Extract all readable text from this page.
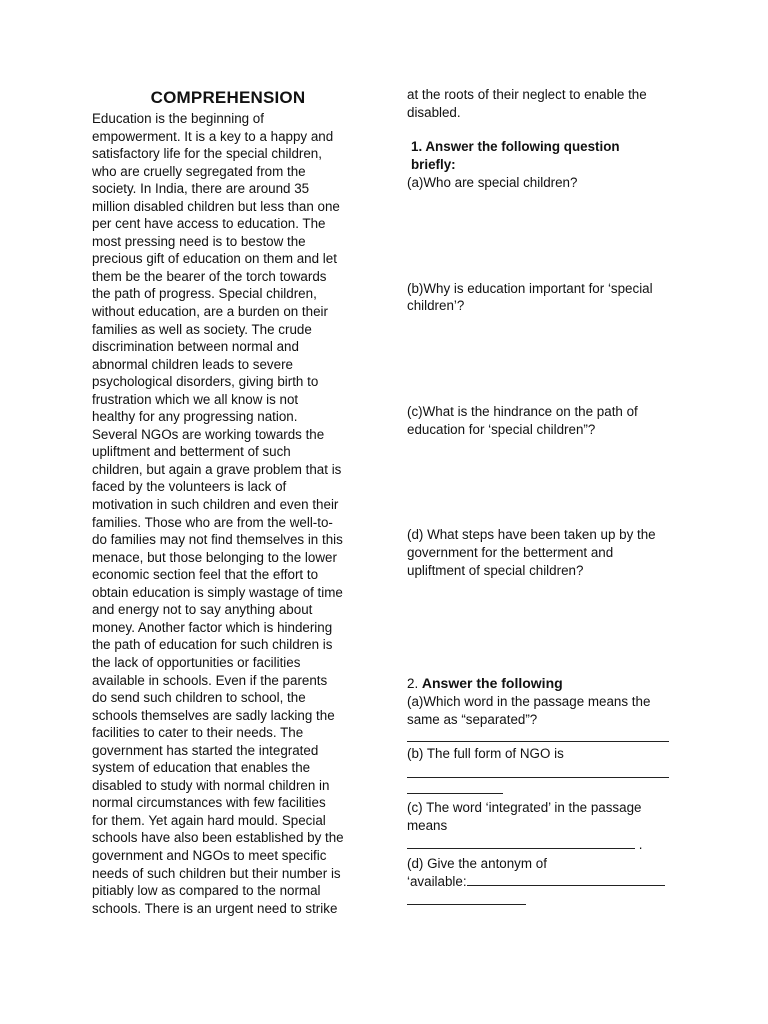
COMPREHENSION

Education is the beginning of
empowerment. It is a key to a happy and
satisfactory life for the special children,
who are cruelly segregated from the
society. In India, there are around 35
million disabled children but less than one
per cent have access to education. The
most pressing need is to bestow the
precious gift of education on them and let
them be the bearer of the torch towards
the path of progress. Special children,
without education, are a burden on their
families as well as society. The crude
discrimination between normal and
abnormal children leads to severe
psychological disorders, giving birth to
frustration which we all know is not
healthy for any progressing nation.
Several NGOs are working towards the
upliftment and betterment of such
children, but again a grave problem that is
faced by the volunteers is lack of
motivation in such children and even their
families. Those who are from the well-to-
do families may not find themselves in this
menace, but those belonging to the lower
economic section feel that the effort to
obtain education is simply wastage of time
and energy not to say anything about
money. Another factor which is hindering
the path of education for such children is
the lack of opportunities or facilities
available in schools. Even if the parents
do send such children to school, the
schools themselves are sadly lacking the
facilities to cater to their needs. The
government has started the integrated
system of education that enables the
disabled to study with normal children in
normal circumstances with few facilities
for them. Yet again hard mould. Special
schools have also been established by the
government and NGOs to meet specific
needs of such children but their number is
pitiably low as compared to the normal
schools. There is an urgent need to strike

at the roots of their neglect to enable the
disabled.

1. Answer the following question
briefly:

(a)Who are special children?

(b)Why is education important for ‘special
children’?

(c)What is the hindrance on the path of
education for ‘special children”?

(d) What steps have been taken up by the
government for the betterment and
upliftment of special children?

2. Answer the following

(a)Which word in the passage means the
same as “separated”?

(b) The full form of NGO is

(c) The word ‘integrated’ in the passage
means

.
(d) Give the antonym of
‘available:
